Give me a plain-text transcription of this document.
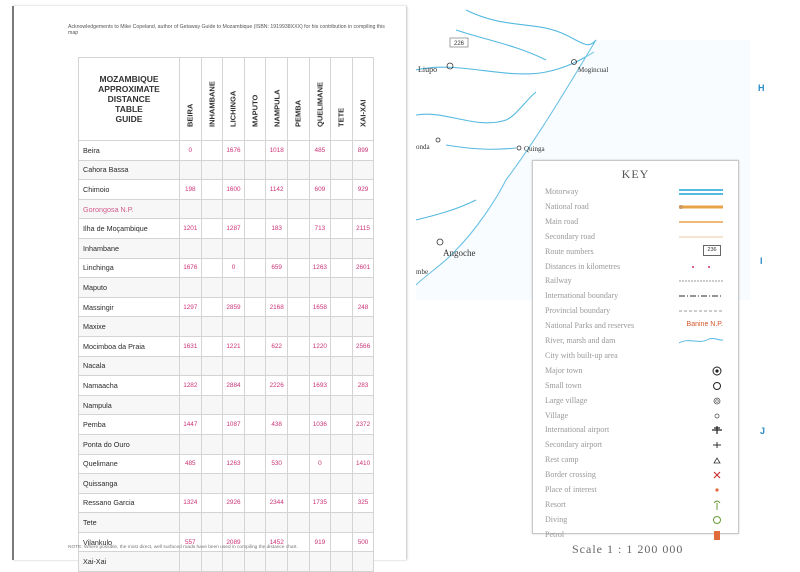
Acknowledgements to Mike Copeland, author of Getaway Guide to Mozambique (ISBN: 1919938XXX) for his contribution in compiling this map
MOZAMBIQUE
APPROXIMATE
DISTANCE
TABLE
GUIDE	BEIRA	INHAMBANE	LICHINGA	MAPUTO	NAMPULA	PEMBA	QUELIMANE	TETE	XAI-XAI

Beira	0		1676		1018		485		899
Cahora Bassa									
Chimoio	198		1600		1142		609		929
Gorongosa N.P.									
Ilha de Moçambique	1201		1287		183		713		2115
Inhambane									
Linchinga	1676		0		659		1263		2601
Maputo									
Massingir	1297		2859		2168		1658		248
Maxixe									
Mocimboa da Praia	1631		1221		622		1220		2566
Nacala									
Namaacha	1282		2884		2226		1693		283
Nampula									
Pemba	1447		1087		438		1036		2372
Ponta do Ouro									
Quelimane	485		1263		530		0		1410
Quissanga									
Ressano Garcia	1324		2926		2344		1735		325
Tete									
Vilankulo	557		2089		1452		919		500
Xai-Xai									
NOTE: Where possible, the most direct, well surfaced roads have been used in compiling the distance chart.
226
Liupo	Mogincual
Quinga
onda
Angoche
mbe
H
I
J
KEY
Motorway
National road
Main road
Secondary road
Route numbers	236
Distances in kilometres
Railway
International boundary
Provincial boundary
National Parks and reserves	Banine N.P.
River, marsh and dam
City with built-up area
Major town
Small town
Large village
Village
International airport
Secondary airport
Rest camp
Border crossing
Place of interest
Resort
Diving
Petrol
Scale 1 : 1 200 000
